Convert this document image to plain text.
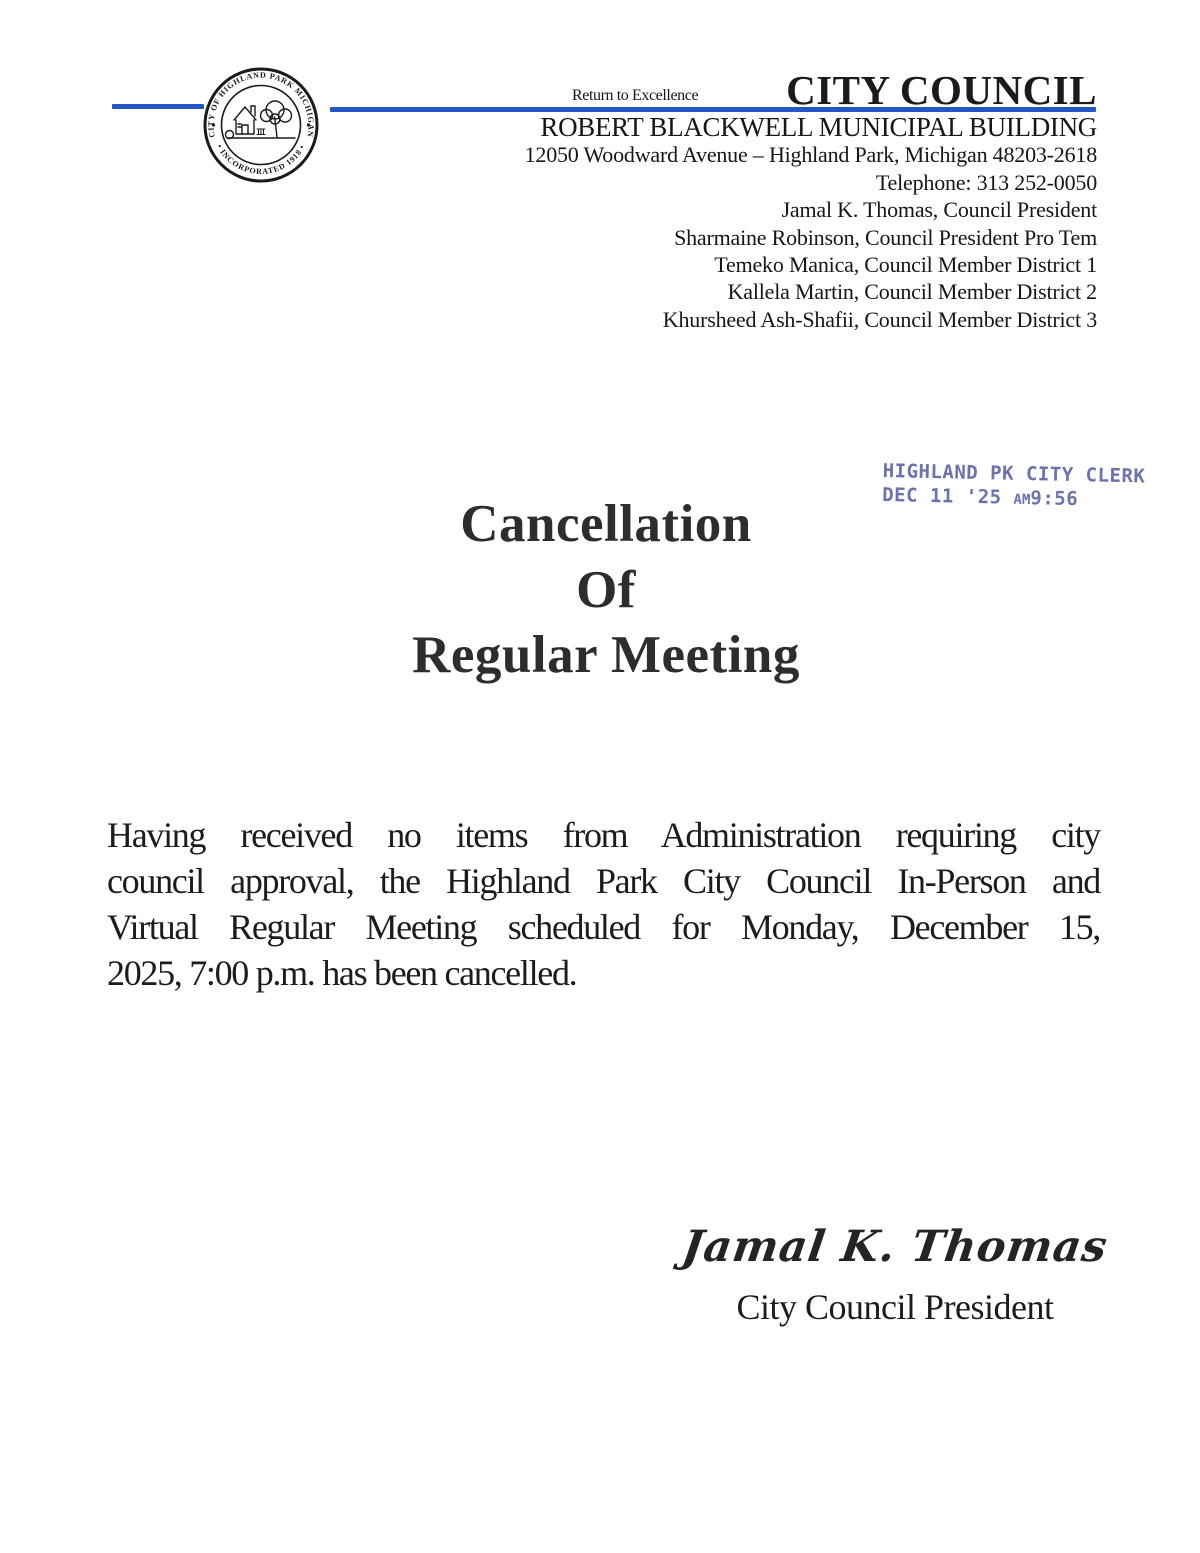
CITY OF HIGHLAND PARK MICHIGAN
• INCORPORATED 1918 •
Return to Excellence CITY COUNCIL
ROBERT BLACKWELL MUNICIPAL BUILDING
12050 Woodward Avenue – Highland Park, Michigan 48203-2618
Telephone: 313 252-0050
Jamal K. Thomas, Council President
Sharmaine Robinson, Council President Pro Tem
Temeko Manica, Council Member District 1
Kallela Martin, Council Member District 2
Khursheed Ash-Shafii, Council Member District 3
HIGHLAND PK CITY CLERK
DEC 11 '25 AM9:56
Cancellation
Of
Regular Meeting
Having received no items from Administration requiring city
council approval, the Highland Park City Council In-Person and
Virtual Regular Meeting scheduled for Monday, December 15,
2025, 7:00 p.m. has been cancelled.
Jamal K. Thomas
City Council President
